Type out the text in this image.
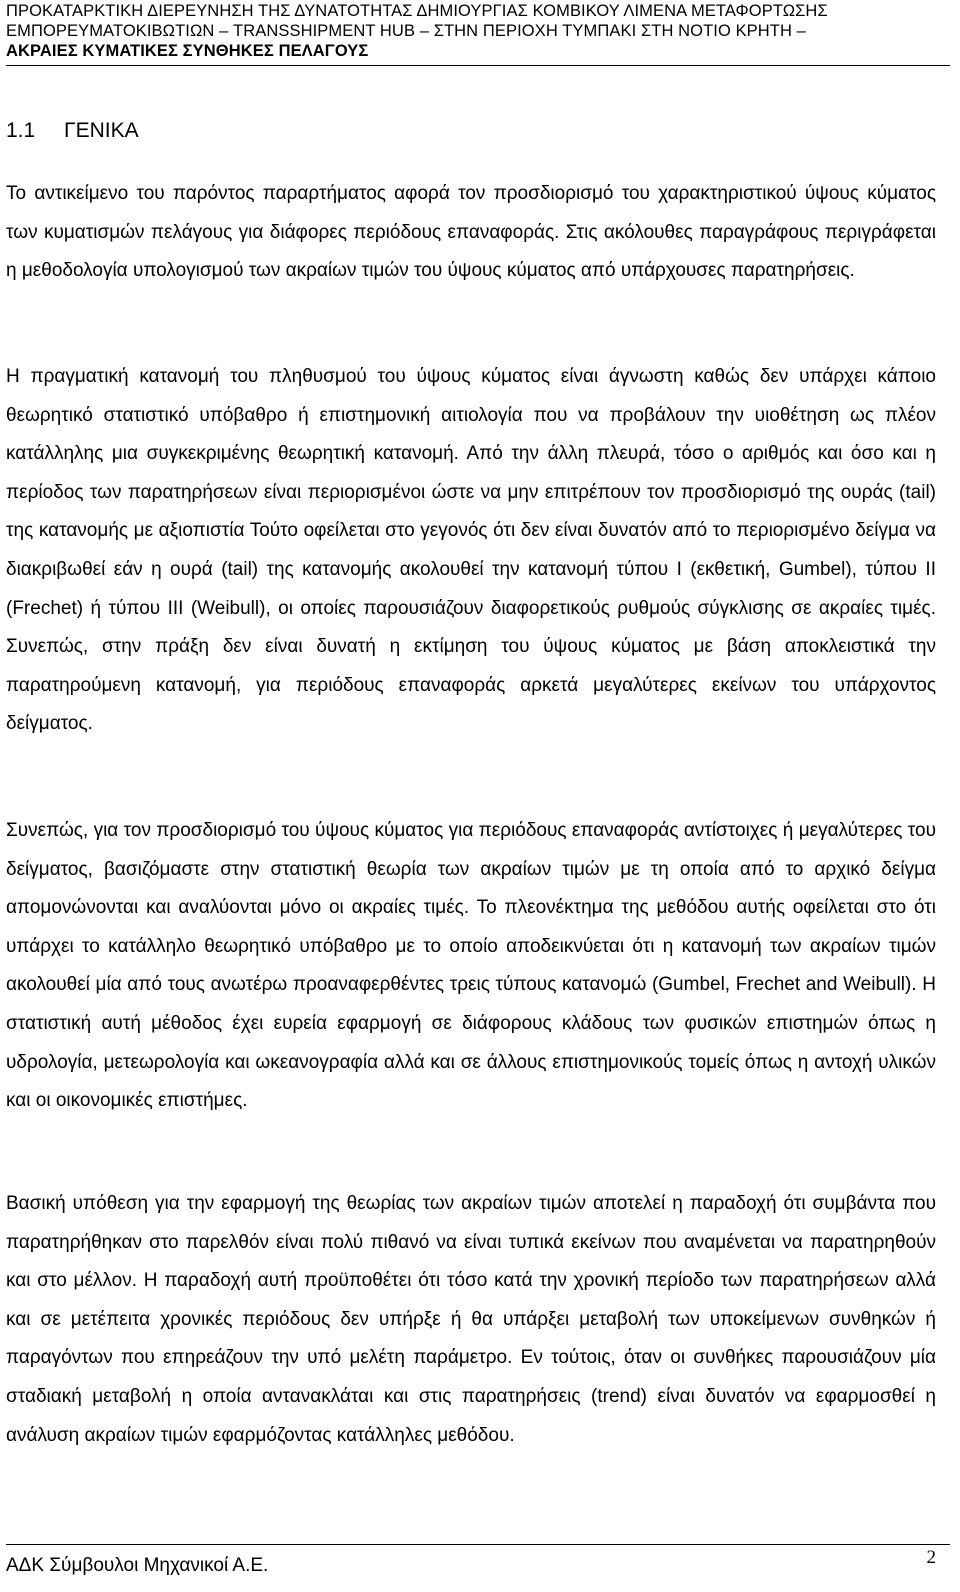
ΠΡΟΚΑΤΑΡΚΤΙΚΗ ΔΙΕΡΕΥΝΗΣΗ ΤΗΣ ΔΥΝΑΤΟΤΗΤΑΣ ΔΗΜΙΟΥΡΓΙΑΣ ΚΟΜΒΙΚΟΥ ΛΙΜΕΝΑ ΜΕΤΑΦΟΡΤΩΣΗΣ
ΕΜΠΟΡΕΥΜΑΤΟΚΙΒΩΤΙΩΝ – TRANSSHIPMENT HUB – ΣΤΗΝ ΠΕΡΙΟΧΗ ΤΥΜΠΑΚΙ ΣΤΗ ΝΟΤΙΟ ΚΡΗΤΗ –
ΑΚΡΑΙΕΣ ΚΥΜΑΤΙΚΕΣ ΣΥΝΘΗΚΕΣ ΠΕΛΑΓΟΥΣ
1.1 ΓΕΝΙΚΑ

Το αντικείμενο του παρόντος παραρτήματος αφορά τον προσδιορισμό του χαρακτηριστικού ύψους κύματος των κυματισμών πελάγους για διάφορες περιόδους επαναφοράς. Στις ακόλουθες παραγράφους περιγράφεται η μεθοδολογία υπολογισμού των ακραίων τιμών του ύψους κύματος από υπάρχουσες παρατηρήσεις.

Η πραγματική κατανομή του πληθυσμού του ύψους κύματος είναι άγνωστη καθώς δεν υπάρχει κάποιο θεωρητικό στατιστικό υπόβαθρο ή επιστημονική αιτιολογία που να προβάλουν την υιοθέτηση ως πλέον κατάλληλης μια συγκεκριμένης θεωρητική κατανομή. Από την άλλη πλευρά, τόσο ο αριθμός και όσο και η περίοδος των παρατηρήσεων είναι περιορισμένοι ώστε να μην επιτρέπουν τον προσδιορισμό της ουράς (tail) της κατανομής με αξιοπιστία Τούτο οφείλεται στο γεγονός ότι δεν είναι δυνατόν από το περιορισμένο δείγμα να διακριβωθεί εάν η ουρά (tail) της κατανομής ακολουθεί την κατανομή τύπου Ι (εκθετική, Gumbel), τύπου ΙΙ (Frechet) ή τύπου ΙΙΙ (Weibull), οι οποίες παρουσιάζουν διαφορετικούς ρυθμούς σύγκλισης σε ακραίες τιμές. Συνεπώς, στην πράξη δεν είναι δυνατή η εκτίμηση του ύψους κύματος με βάση αποκλειστικά την παρατηρούμενη κατανομή, για περιόδους επαναφοράς αρκετά μεγαλύτερες εκείνων του υπάρχοντος δείγματος.

Συνεπώς, για τον προσδιορισμό του ύψους κύματος για περιόδους επαναφοράς αντίστοιχες ή μεγαλύτερες του δείγματος, βασιζόμαστε στην στατιστική θεωρία των ακραίων τιμών με τη οποία από το αρχικό δείγμα απομονώνονται και αναλύονται μόνο οι ακραίες τιμές. Το πλεονέκτημα της μεθόδου αυτής οφείλεται στο ότι υπάρχει το κατάλληλο θεωρητικό υπόβαθρο με το οποίο αποδεικνύεται ότι η κατανομή των ακραίων τιμών ακολουθεί μία από τους ανωτέρω προαναφερθέντες τρεις τύπους κατανομώ (Gumbel, Frechet and Weibull). Η στατιστική αυτή μέθοδος έχει ευρεία εφαρμογή σε διάφορους κλάδους των φυσικών επιστημών όπως η υδρολογία, μετεωρολογία και ωκεανογραφία αλλά και σε άλλους επιστημονικούς τομείς όπως η αντοχή υλικών και οι οικονομικές επιστήμες.

Βασική υπόθεση για την εφαρμογή της θεωρίας των ακραίων τιμών αποτελεί η παραδοχή ότι συμβάντα που παρατηρήθηκαν στο παρελθόν είναι πολύ πιθανό να είναι τυπικά εκείνων που αναμένεται να παρατηρηθούν και στο μέλλον. Η παραδοχή αυτή προϋποθέτει ότι τόσο κατά την χρονική περίοδο των παρατηρήσεων αλλά και σε μετέπειτα χρονικές περιόδους δεν υπήρξε ή θα υπάρξει μεταβολή των υποκείμενων συνθηκών ή παραγόντων που επηρεάζουν την υπό μελέτη παράμετρο. Εν τούτοις, όταν οι συνθήκες παρουσιάζουν μία σταδιακή μεταβολή η οποία αντανακλάται και στις παρατηρήσεις (trend) είναι δυνατόν να εφαρμοσθεί η ανάλυση ακραίων τιμών εφαρμόζοντας κατάλληλες μεθόδου.

ΑΔΚ Σύμβουλοι Μηχανικοί Α.Ε.	2
